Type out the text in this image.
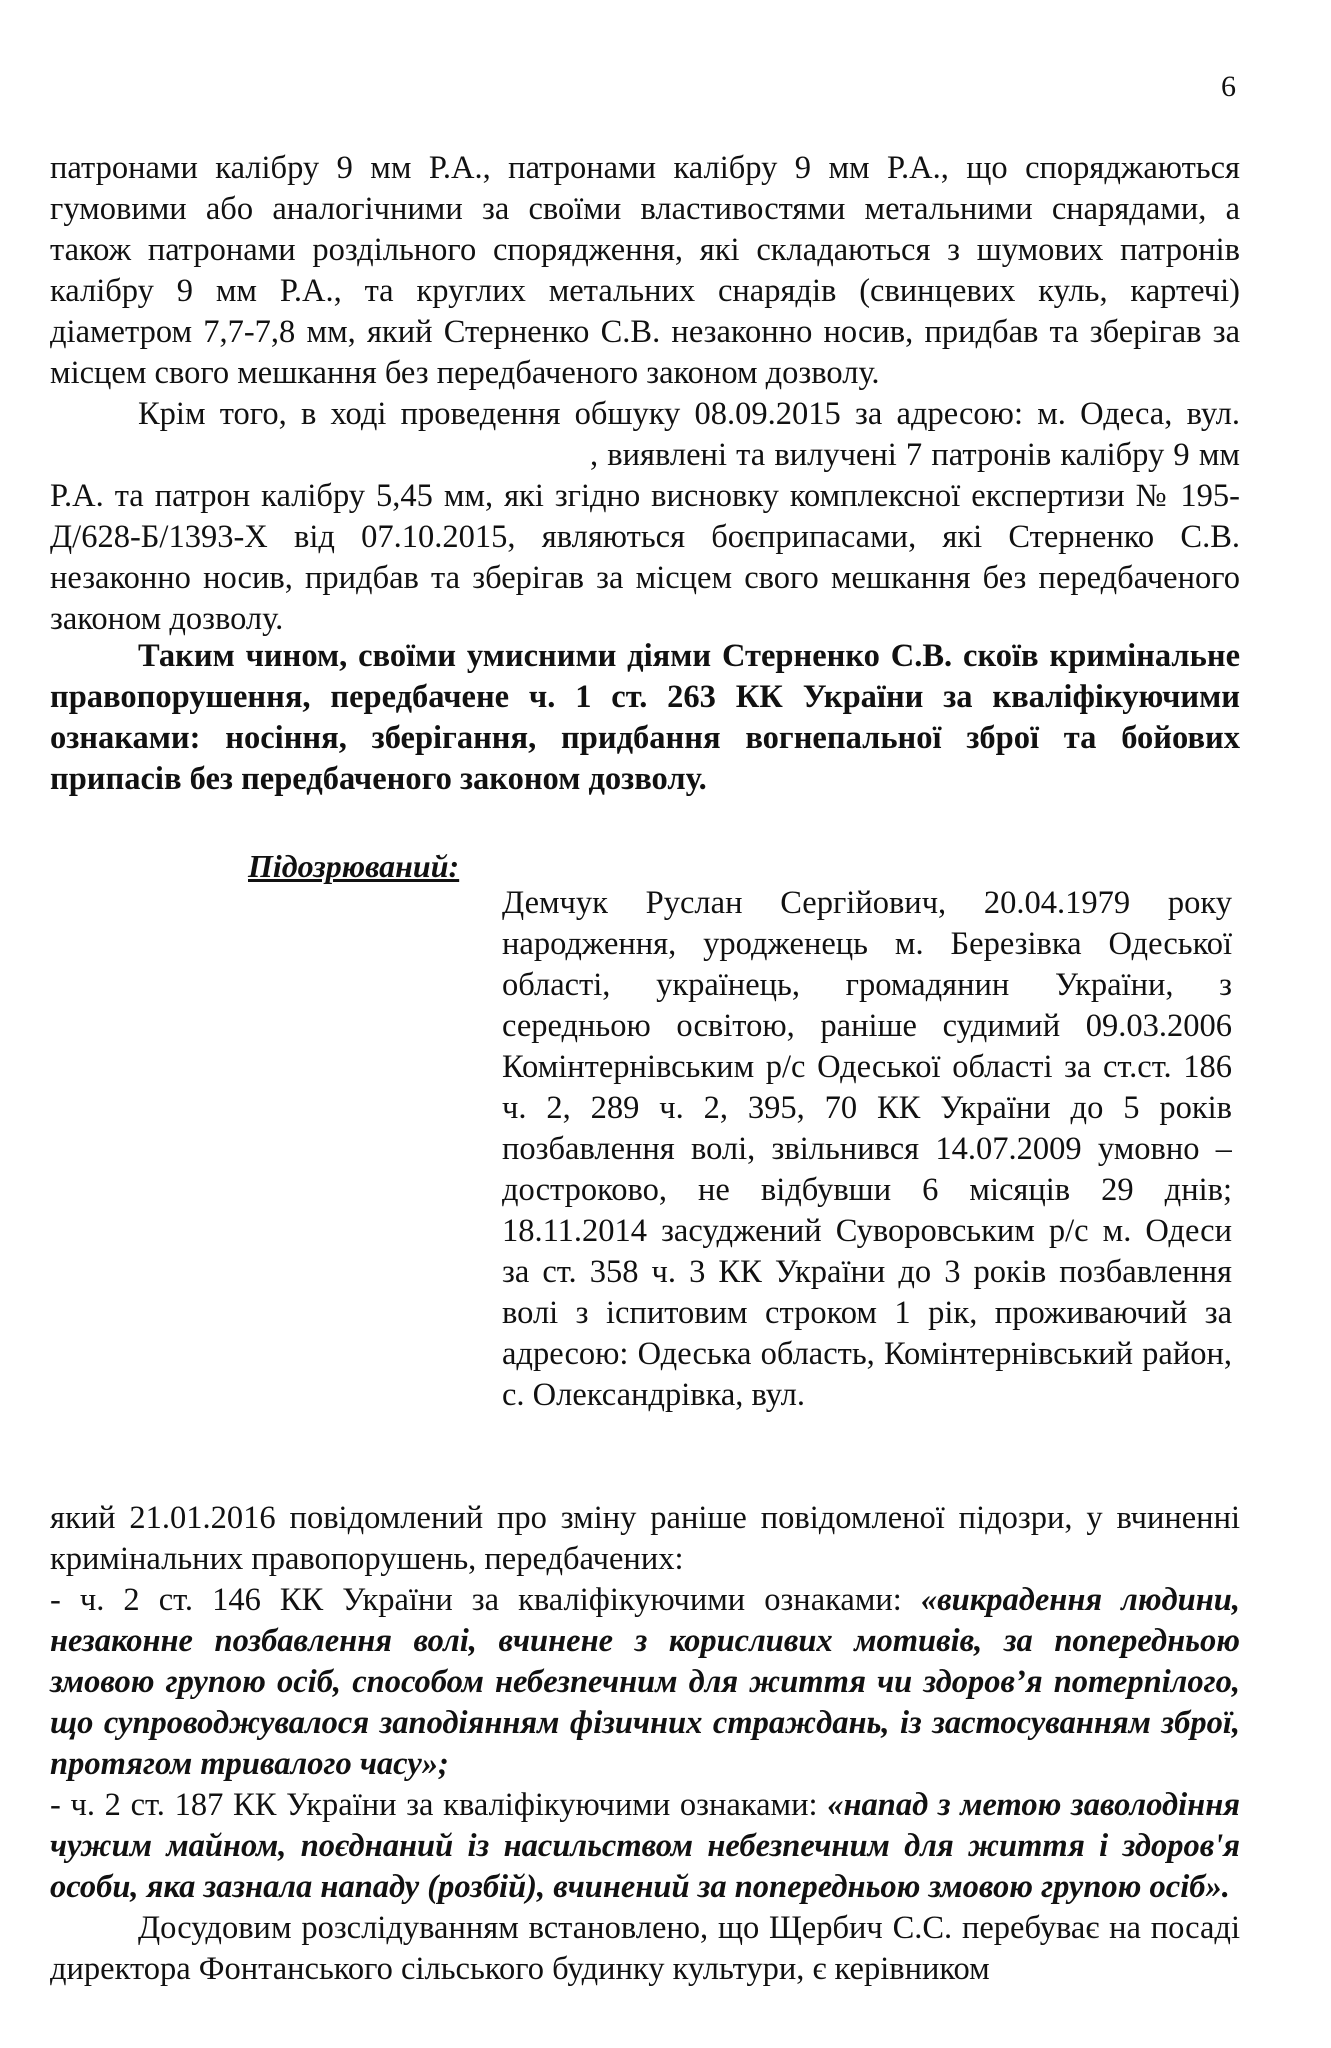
6

патронами калібру 9 мм Р.А., патронами калібру 9 мм Р.А., що споряджаються гумовими або аналогічними за своїми властивостями метальними снарядами, а також патронами роздільного спорядження, які складаються з шумових патронів калібру 9 мм Р.А., та круглих метальних снарядів (свинцевих куль, картечі) діаметром 7,7-7,8 мм, який Стерненко С.В. незаконно носив, придбав та зберігав за місцем свого мешкання без передбаченого законом дозволу.

Крім того, в ході проведення обшуку 08.09.2015 за адресою: м. Одеса, вул., виявлені та вилучені 7 патронів калібру 9 мм Р.А. та патрон калібру 5,45 мм, які згідно висновку комплексної експертизи № 195-Д/628-Б/1393-Х від 07.10.2015, являються боєприпасами, які Стерненко С.В. незаконно носив, придбав та зберігав за місцем свого мешкання без передбаченого законом дозволу.

Таким чином, своїми умисними діями Стерненко С.В. скоїв кримінальне правопорушення, передбачене ч. 1 ст. 263 КК України за кваліфікуючими ознаками: носіння, зберігання, придбання вогнепальної зброї та бойових припасів без передбаченого законом дозволу.

Підозрюваний:

Демчук Руслан Сергійович, 20.04.1979 року народження, уродженець м. Березівка Одеської області, українець, громадянин України, з середньою освітою, раніше судимий 09.03.2006 Комінтернівським р/с Одеської області за ст.ст. 186 ч. 2, 289 ч. 2, 395, 70 КК України до 5 років позбавлення волі, звільнився 14.07.2009 умовно – достроково, не відбувши 6 місяців 29 днів; 18.11.2014 засуджений Суворовським р/с м. Одеси за ст. 358 ч. 3 КК України до 3 років позбавлення волі з іспитовим строком 1 рік, проживаючий за адресою: Одеська область, Комінтернівський район, с. Олександрівка, вул.

який 21.01.2016 повідомлений про зміну раніше повідомленої підозри, у вчиненні кримінальних правопорушень, передбачених:

- ч. 2 ст. 146 КК України за кваліфікуючими ознаками: «викрадення людини, незаконне позбавлення волі, вчинене з корисливих мотивів, за попередньою змовою групою осіб, способом небезпечним для життя чи здоров’я потерпілого, що супроводжувалося заподіянням фізичних страждань, із застосуванням зброї, протягом тривалого часу»;

- ч. 2 ст. 187 КК України за кваліфікуючими ознаками: «напад з метою заволодіння чужим майном, поєднаний із насильством небезпечним для життя і здоров'я особи, яка зазнала нападу (розбій), вчинений за попередньою змовою групою осіб».

Досудовим розслідуванням встановлено, що Щербич С.С. перебуває на посаді директора Фонтанського сільського будинку культури, є керівником
